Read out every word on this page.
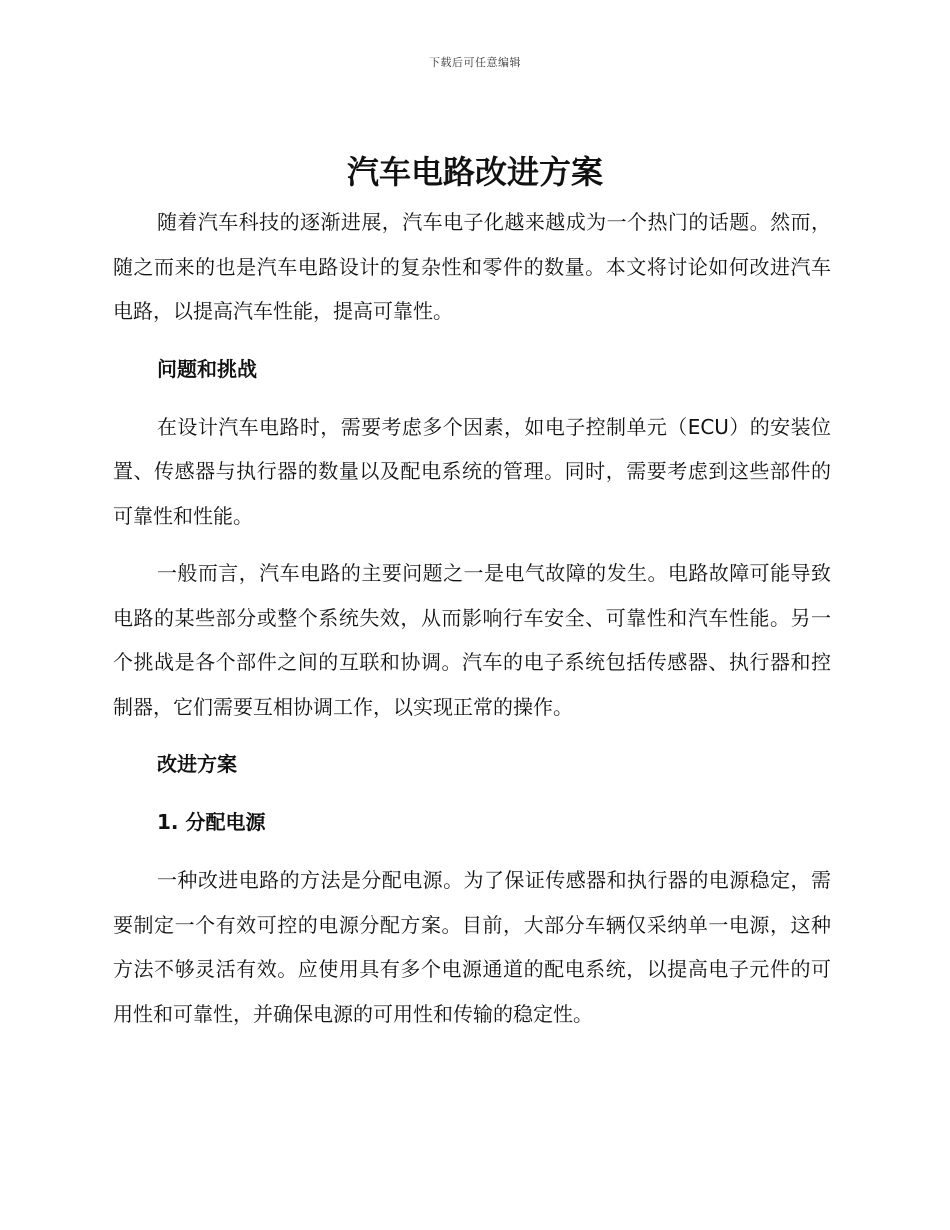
下载后可任意编辑
汽车电路改进方案

随着汽车科技的逐渐进展，汽车电子化越来越成为一个热门的话题。然而，随之而来的也是汽车电路设计的复杂性和零件的数量。本文将讨论如何改进汽车电路，以提高汽车性能，提高可靠性。

问题和挑战

在设计汽车电路时，需要考虑多个因素，如电子控制单元（ECU）的安装位置、传感器与执行器的数量以及配电系统的管理。同时，需要考虑到这些部件的可靠性和性能。

一般而言，汽车电路的主要问题之一是电气故障的发生。电路故障可能导致电路的某些部分或整个系统失效，从而影响行车安全、可靠性和汽车性能。另一个挑战是各个部件之间的互联和协调。汽车的电子系统包括传感器、执行器和控制器，它们需要互相协调工作，以实现正常的操作。

改进方案
1. 分配电源

一种改进电路的方法是分配电源。为了保证传感器和执行器的电源稳定，需要制定一个有效可控的电源分配方案。目前，大部分车辆仅采纳单一电源，这种方法不够灵活有效。应使用具有多个电源通道的配电系统，以提高电子元件的可用性和可靠性，并确保电源的可用性和传输的稳定性。
